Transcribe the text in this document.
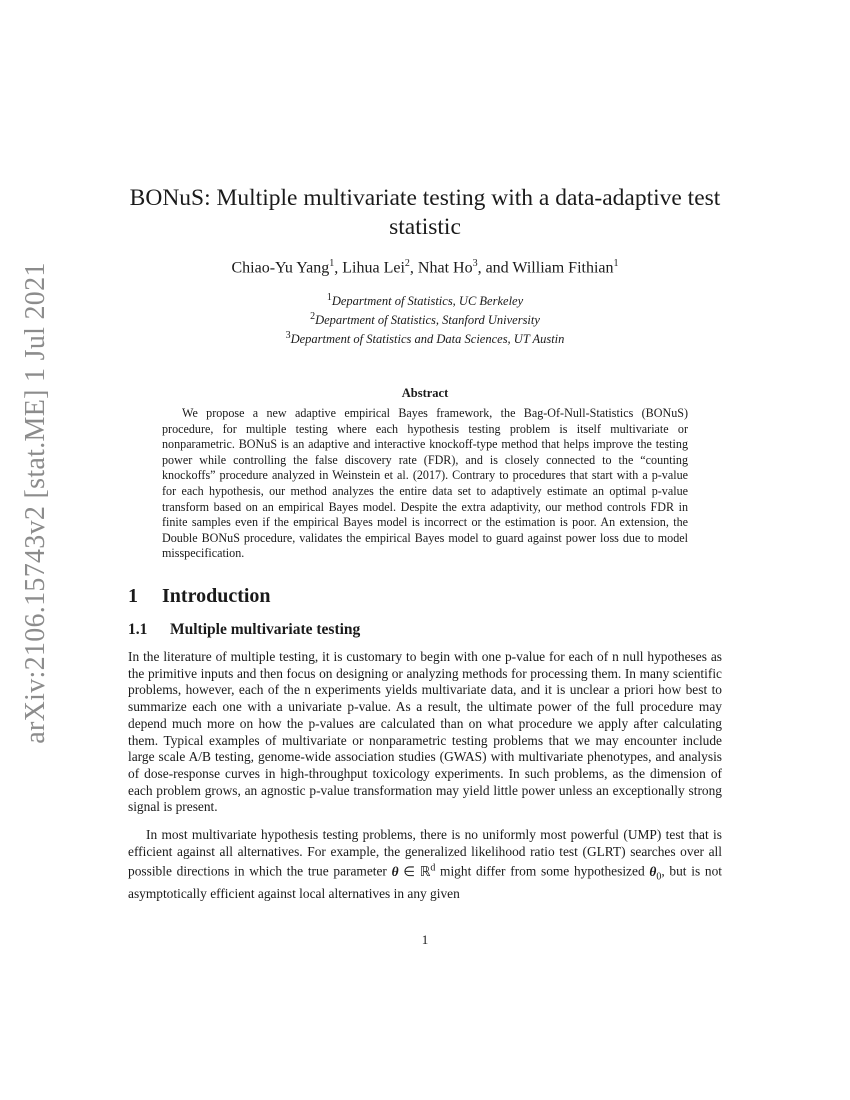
arXiv:2106.15743v2 [stat.ME] 1 Jul 2021
BONuS: Multiple multivariate testing with a data-adaptive test statistic
Chiao-Yu Yang$^1$, Lihua Lei$^2$, Nhat Ho$^3$, and William Fithian$^1$
$^1$Department of Statistics, UC Berkeley
$^2$Department of Statistics, Stanford University
$^3$Department of Statistics and Data Sciences, UT Austin
Abstract

We propose a new adaptive empirical Bayes framework, the Bag-Of-Null-Statistics (BONuS) procedure, for multiple testing where each hypothesis testing problem is itself multivariate or nonparametric. BONuS is an adaptive and interactive knockoff-type method that helps improve the testing power while controlling the false discovery rate (FDR), and is closely connected to the “counting knockoffs” procedure analyzed in Weinstein et al. (2017). Contrary to procedures that start with a p-value for each hypothesis, our method analyzes the entire data set to adaptively estimate an optimal p-value transform based on an empirical Bayes model. Despite the extra adaptivity, our method controls FDR in finite samples even if the empirical Bayes model is incorrect or the estimation is poor. An extension, the Double BONuS procedure, validates the empirical Bayes model to guard against power loss due to model misspecification.

1 Introduction
1.1 Multiple multivariate testing

In the literature of multiple testing, it is customary to begin with one p-value for each of n null hypotheses as the primitive inputs and then focus on designing or analyzing methods for processing them. In many scientific problems, however, each of the n experiments yields multivariate data, and it is unclear a priori how best to summarize each one with a univariate p-value. As a result, the ultimate power of the full procedure may depend much more on how the p-values are calculated than on what procedure we apply after calculating them. Typical examples of multivariate or nonparametric testing problems that we may encounter include large scale A/B testing, genome-wide association studies (GWAS) with multivariate phenotypes, and analysis of dose-response curves in high-throughput toxicology experiments. In such problems, as the dimension of each problem grows, an agnostic p-value transformation may yield little power unless an exceptionally strong signal is present.

In most multivariate hypothesis testing problems, there is no uniformly most powerful (UMP) test that is efficient against all alternatives. For example, the generalized likelihood ratio test (GLRT) searches over all possible directions in which the true parameter θ ∈ ℝ$^d$ might differ from some hypothesized $\theta_0$, but is not asymptotically efficient against local alternatives in any given

1
